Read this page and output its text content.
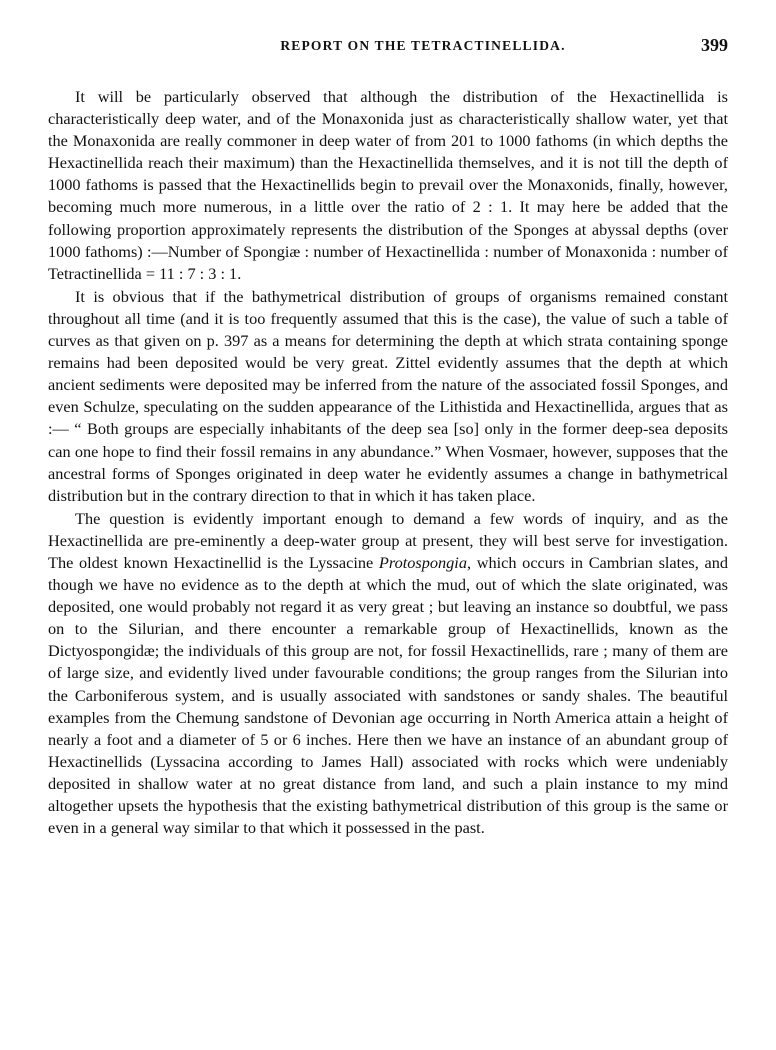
REPORT ON THE TETRACTINELLIDA.	399

It will be particularly observed that although the distribution of the Hexactinellida is characteristically deep water, and of the Monaxonida just as characteristically shallow water, yet that the Monaxonida are really commoner in deep water of from 201 to 1000 fathoms (in which depths the Hexactinellida reach their maximum) than the Hexactinellida themselves, and it is not till the depth of 1000 fathoms is passed that the Hexactinellids begin to prevail over the Monaxonids, finally, however, becoming much more numerous, in a little over the ratio of 2 : 1. It may here be added that the following proportion approximately represents the distribution of the Sponges at abyssal depths (over 1000 fathoms) :—Number of Spongiæ : number of Hexactinellida : number of Monaxonida : number of Tetractinellida = 11 : 7 : 3 : 1.

It is obvious that if the bathymetrical distribution of groups of organisms remained constant throughout all time (and it is too frequently assumed that this is the case), the value of such a table of curves as that given on p. 397 as a means for determining the depth at which strata containing sponge remains had been deposited would be very great. Zittel evidently assumes that the depth at which ancient sediments were deposited may be inferred from the nature of the associated fossil Sponges, and even Schulze, speculating on the sudden appearance of the Lithistida and Hexactinellida, argues that as :— “ Both groups are especially inhabitants of the deep sea [so] only in the former deep-sea deposits can one hope to find their fossil remains in any abundance.” When Vosmaer, however, supposes that the ancestral forms of Sponges originated in deep water he evidently assumes a change in bathymetrical distribution but in the contrary direction to that in which it has taken place.

The question is evidently important enough to demand a few words of inquiry, and as the Hexactinellida are pre-eminently a deep-water group at present, they will best serve for investigation. The oldest known Hexactinellid is the Lyssacine Protospongia, which occurs in Cambrian slates, and though we have no evidence as to the depth at which the mud, out of which the slate originated, was deposited, one would probably not regard it as very great ; but leaving an instance so doubtful, we pass on to the Silurian, and there encounter a remarkable group of Hexactinellids, known as the Dictyospongidæ; the individuals of this group are not, for fossil Hexactinellids, rare ; many of them are of large size, and evidently lived under favourable conditions; the group ranges from the Silurian into the Carboniferous system, and is usually associated with sandstones or sandy shales. The beautiful examples from the Chemung sandstone of Devonian age occurring in North America attain a height of nearly a foot and a diameter of 5 or 6 inches. Here then we have an instance of an abundant group of Hexactinellids (Lyssacina according to James Hall) associated with rocks which were undeniably deposited in shallow water at no great distance from land, and such a plain instance to my mind altogether upsets the hypothesis that the existing bathymetrical distribution of this group is the same or even in a general way similar to that which it possessed in the past.
